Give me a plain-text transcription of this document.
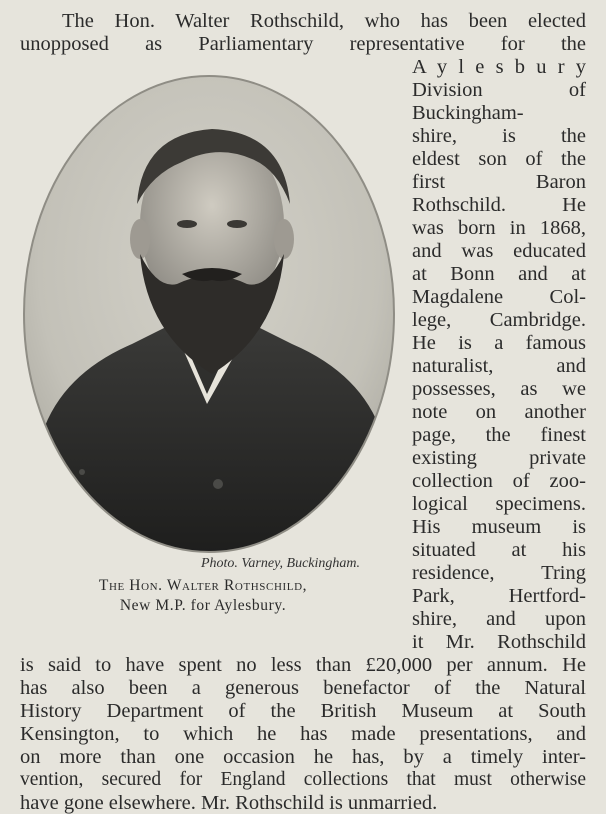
The Hon. Walter Rothschild, who has been elected
unopposed as Parliamentary representative for the
A y l e s b u r y
Division of
Buckingham-
shire, is the
eldest son of the
first Baron
Rothschild. He
was born in 1868,
and was educated
at Bonn and at
Magdalene Col-
lege, Cambridge.
He is a famous
naturalist, and
possesses, as we
note on another
page, the finest
existing private
collection of zoo-
logical specimens.
His museum is
situated at his
residence, Tring
Park, Hertford-
shire, and upon
it Mr. Rothschild
is said to have spent no less than £20,000 per annum. He
has also been a generous benefactor of the Natural
History Department of the British Museum at South
Kensington, to which he has made presentations, and
on more than one occasion he has, by a timely inter-
vention, secured for England collections that must otherwise
have gone elsewhere. Mr. Rothschild is unmarried.
Photo. Varney, Buckingham.
The Hon. Walter Rothschild,
New M.P. for Aylesbury.
